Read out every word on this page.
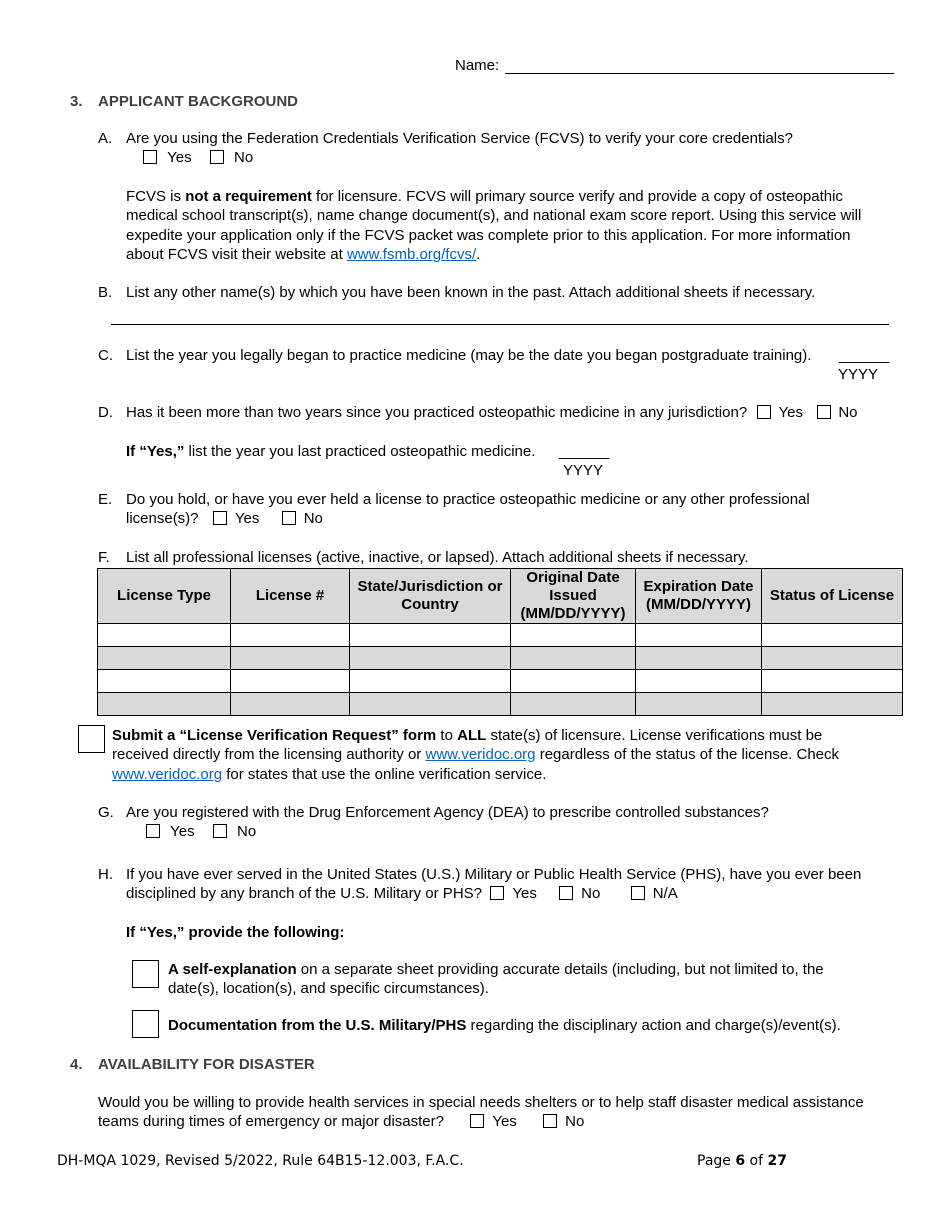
Name:
3. APPLICANT BACKGROUND
A. Are you using the Federation Credentials Verification Service (FCVS) to verify your core credentials?
Yes	No
FCVS is not a requirement for licensure. FCVS will primary source verify and provide a copy of osteopathic
medical school transcript(s), name change document(s), and national exam score report. Using this service will
expedite your application only if the FCVS packet was complete prior to this application. For more information
about FCVS visit their website at www.fsmb.org/fcvs/.
B. List any other name(s) by which you have been known in the past. Attach additional sheets if necessary.
C. List the year you legally began to practice medicine (may be the date you began postgraduate training). ______
YYYY
D. Has it been more than two years since you practiced osteopathic medicine in any jurisdiction? Yes No
If “Yes,” list the year you last practiced osteopathic medicine. ______
YYYY
E. Do you hold, or have you ever held a license to practice osteopathic medicine or any other professional
license(s)? Yes	No
F. List all professional licenses (active, inactive, or lapsed). Attach additional sheets if necessary.
License Type	License #	State/Jurisdiction or Country	Original Date Issued (MM/DD/YYYY)	Expiration Date (MM/DD/YYYY)	Status of License

Submit a “License Verification Request” form to ALL state(s) of licensure. License verifications must be
received directly from the licensing authority or www.veridoc.org regardless of the status of the license. Check
www.veridoc.org for states that use the online verification service.
G. Are you registered with the Drug Enforcement Agency (DEA) to prescribe controlled substances?
Yes	No
H. If you have ever served in the United States (U.S.) Military or Public Health Service (PHS), have you ever been
disciplined by any branch of the U.S. Military or PHS? Yes	No	N/A
If “Yes,” provide the following:
A self-explanation on a separate sheet providing accurate details (including, but not limited to, the
date(s), location(s), and specific circumstances).
Documentation from the U.S. Military/PHS regarding the disciplinary action and charge(s)/event(s).
4. AVAILABILITY FOR DISASTER
Would you be willing to provide health services in special needs shelters or to help staff disaster medical assistance
teams during times of emergency or major disaster?	Yes	No
DH-MQA 1029, Revised 5/2022, Rule 64B15-12.003, F.A.C.	Page 6 of 27
